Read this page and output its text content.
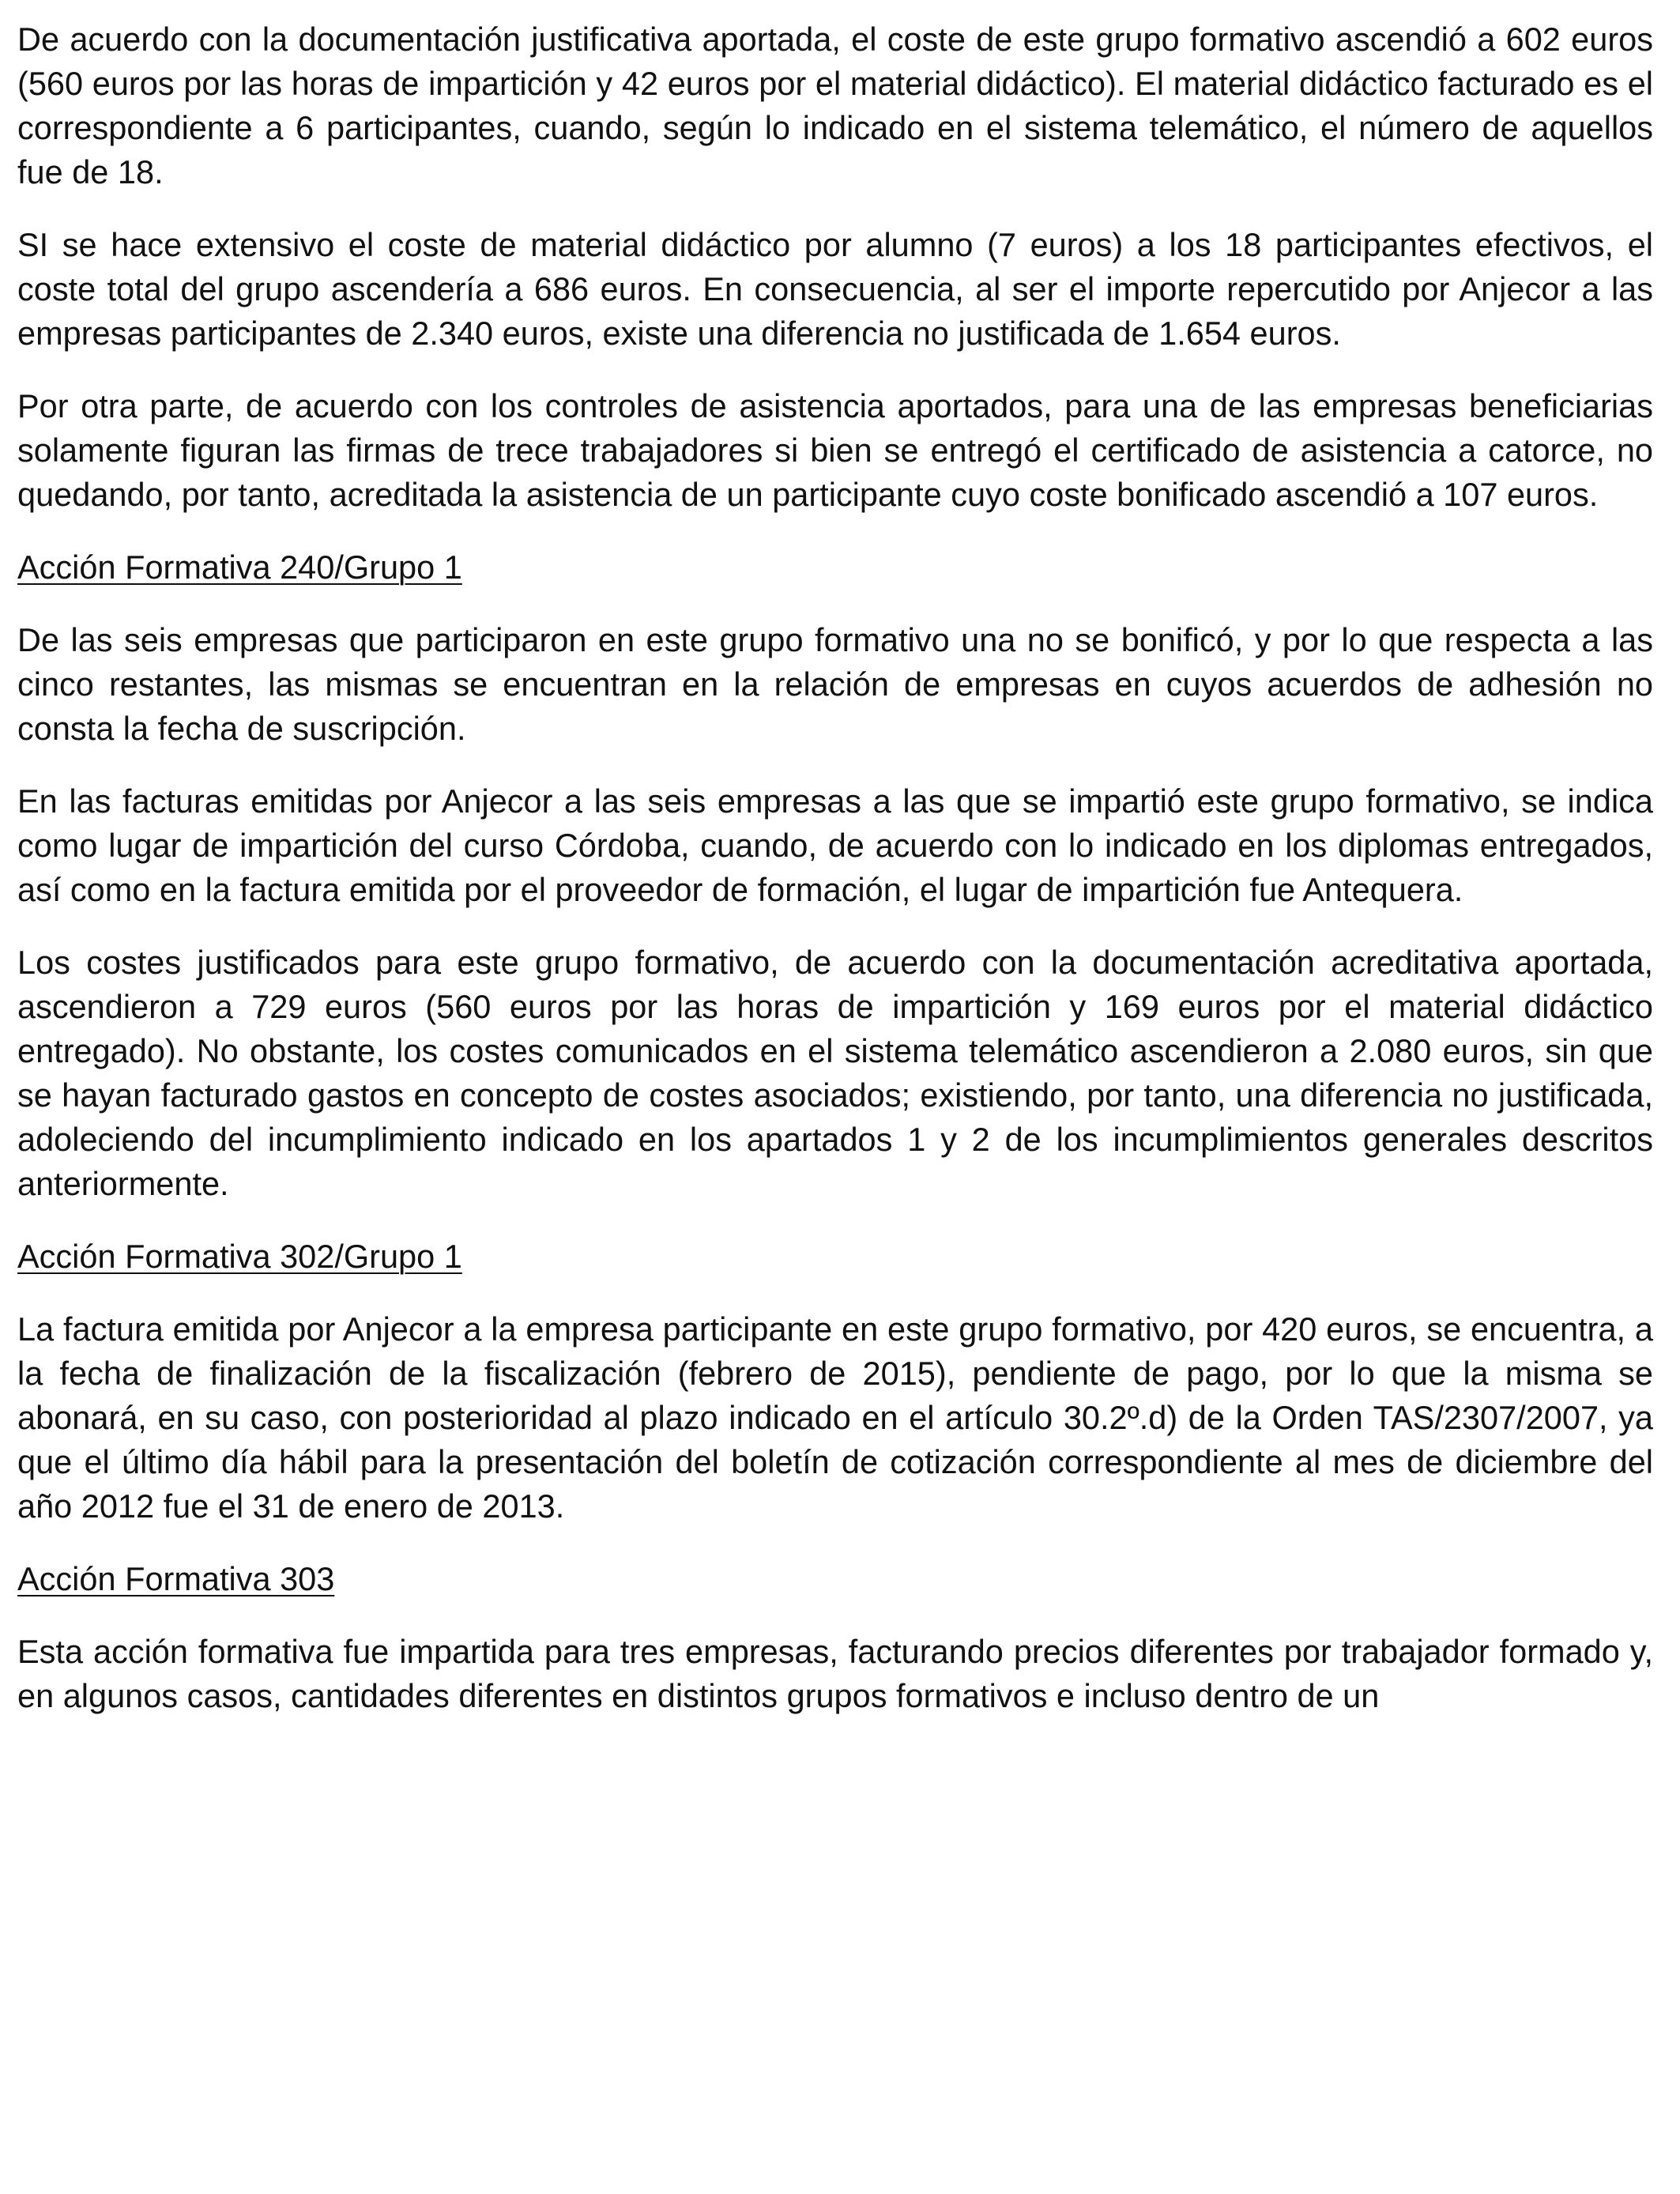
De acuerdo con la documentación justificativa aportada, el coste de este grupo formativo ascendió a 602 euros (560 euros por las horas de impartición y 42 euros por el material didáctico). El material didáctico facturado es el correspondiente a 6 participantes, cuando, según lo indicado en el sistema telemático, el número de aquellos fue de 18.

SI se hace extensivo el coste de material didáctico por alumno (7 euros) a los 18 participantes efectivos, el coste total del grupo ascendería a 686 euros. En consecuencia, al ser el importe repercutido por Anjecor a las empresas participantes de 2.340 euros, existe una diferencia no justificada de 1.654 euros.

Por otra parte, de acuerdo con los controles de asistencia aportados, para una de las empresas beneficiarias solamente figuran las firmas de trece trabajadores si bien se entregó el certificado de asistencia a catorce, no quedando, por tanto, acreditada la asistencia de un participante cuyo coste bonificado ascendió a 107 euros.

Acción Formativa 240/Grupo 1

De las seis empresas que participaron en este grupo formativo una no se bonificó, y por lo que respecta a las cinco restantes, las mismas se encuentran en la relación de empresas en cuyos acuerdos de adhesión no consta la fecha de suscripción.

En las facturas emitidas por Anjecor a las seis empresas a las que se impartió este grupo formativo, se indica como lugar de impartición del curso Córdoba, cuando, de acuerdo con lo indicado en los diplomas entregados, así como en la factura emitida por el proveedor de formación, el lugar de impartición fue Antequera.

Los costes justificados para este grupo formativo, de acuerdo con la documentación acreditativa aportada, ascendieron a 729 euros (560 euros por las horas de impartición y 169 euros por el material didáctico entregado). No obstante, los costes comunicados en el sistema telemático ascendieron a 2.080 euros, sin que se hayan facturado gastos en concepto de costes asociados; existiendo, por tanto, una diferencia no justificada, adoleciendo del incumplimiento indicado en los apartados 1 y 2 de los incumplimientos generales descritos anteriormente.

Acción Formativa 302/Grupo 1

La factura emitida por Anjecor a la empresa participante en este grupo formativo, por 420 euros, se encuentra, a la fecha de finalización de la fiscalización (febrero de 2015), pendiente de pago, por lo que la misma se abonará, en su caso, con posterioridad al plazo indicado en el artículo 30.2º.d) de la Orden TAS/2307/2007, ya que el último día hábil para la presentación del boletín de cotización correspondiente al mes de diciembre del año 2012 fue el 31 de enero de 2013.

Acción Formativa 303

Esta acción formativa fue impartida para tres empresas, facturando precios diferentes por trabajador formado y, en algunos casos, cantidades diferentes en distintos grupos formativos e incluso dentro de un
